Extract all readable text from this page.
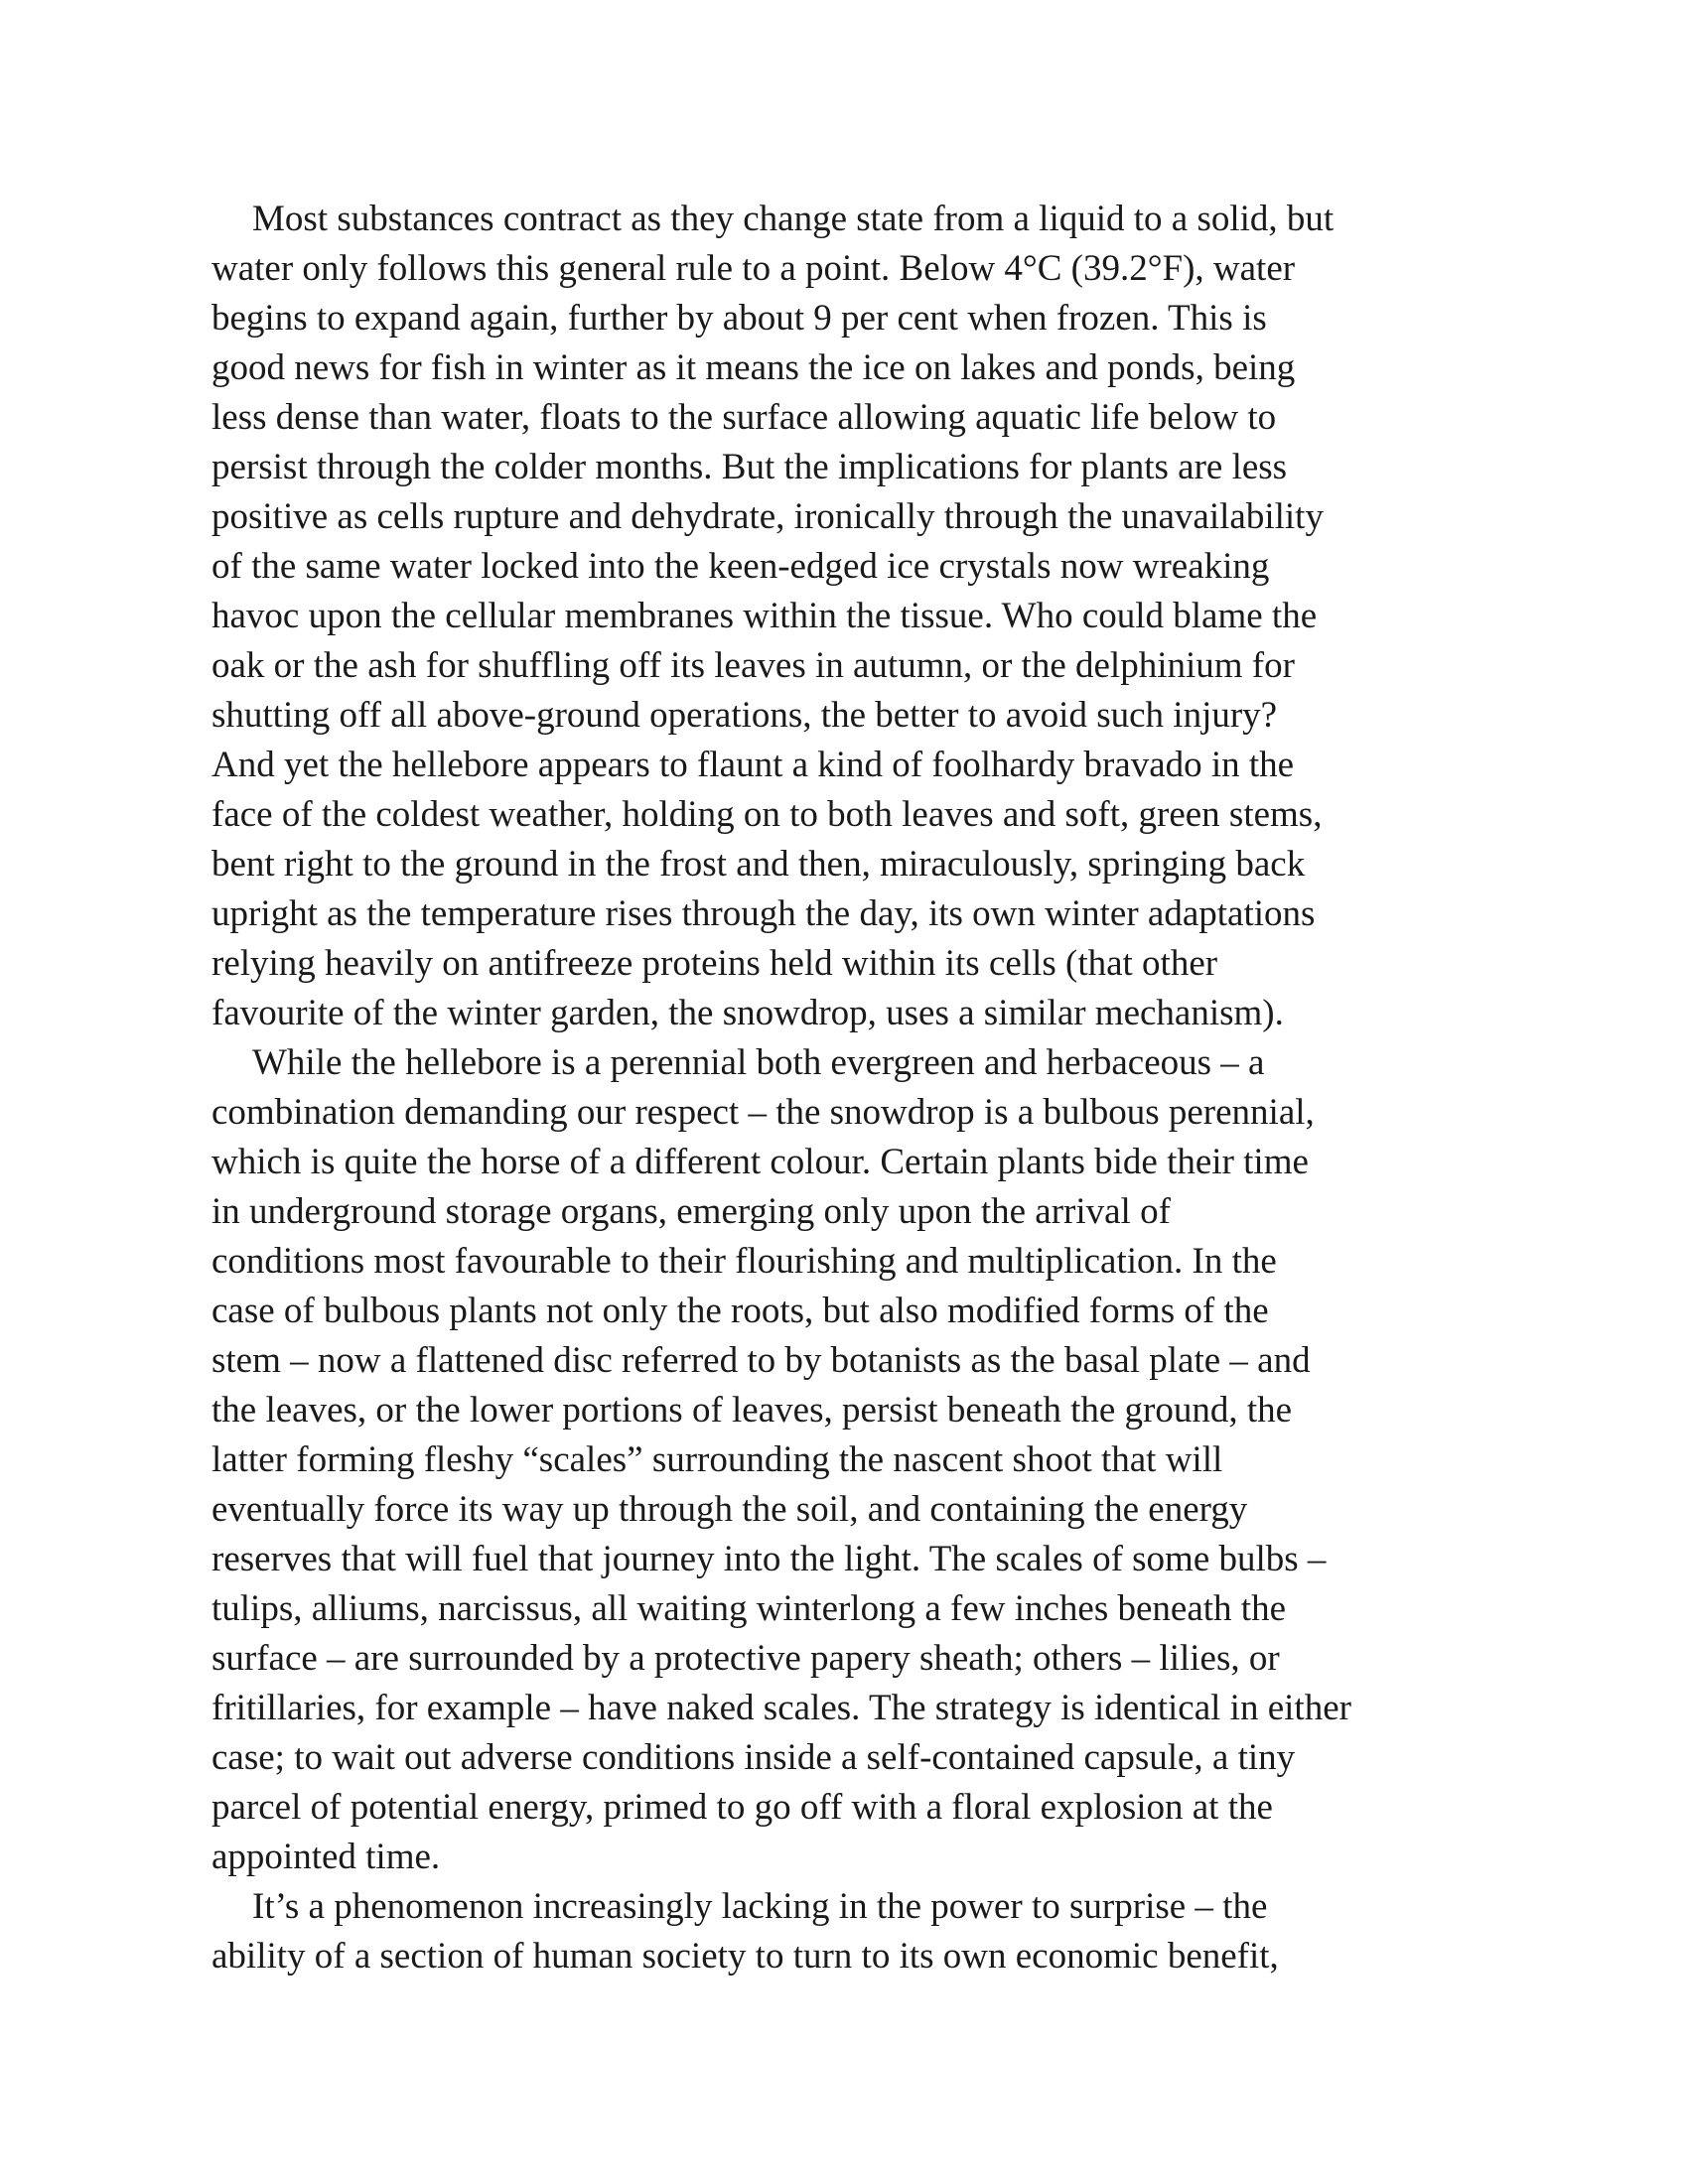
Most substances contract as they change state from a liquid to a solid, but
water only follows this general rule to a point. Below 4°C (39.2°F), water
begins to expand again, further by about 9 per cent when frozen. This is
good news for fish in winter as it means the ice on lakes and ponds, being
less dense than water, floats to the surface allowing aquatic life below to
persist through the colder months. But the implications for plants are less
positive as cells rupture and dehydrate, ironically through the unavailability
of the same water locked into the keen-edged ice crystals now wreaking
havoc upon the cellular membranes within the tissue. Who could blame the
oak or the ash for shuffling off its leaves in autumn, or the delphinium for
shutting off all above-ground operations, the better to avoid such injury?
And yet the hellebore appears to flaunt a kind of foolhardy bravado in the
face of the coldest weather, holding on to both leaves and soft, green stems,
bent right to the ground in the frost and then, miraculously, springing back
upright as the temperature rises through the day, its own winter adaptations
relying heavily on antifreeze proteins held within its cells (that other
favourite of the winter garden, the snowdrop, uses a similar mechanism).
While the hellebore is a perennial both evergreen and herbaceous – a
combination demanding our respect – the snowdrop is a bulbous perennial,
which is quite the horse of a different colour. Certain plants bide their time
in underground storage organs, emerging only upon the arrival of
conditions most favourable to their flourishing and multiplication. In the
case of bulbous plants not only the roots, but also modified forms of the
stem – now a flattened disc referred to by botanists as the basal plate – and
the leaves, or the lower portions of leaves, persist beneath the ground, the
latter forming fleshy “scales” surrounding the nascent shoot that will
eventually force its way up through the soil, and containing the energy
reserves that will fuel that journey into the light. The scales of some bulbs –
tulips, alliums, narcissus, all waiting winterlong a few inches beneath the
surface – are surrounded by a protective papery sheath; others – lilies, or
fritillaries, for example – have naked scales. The strategy is identical in either
case; to wait out adverse conditions inside a self-contained capsule, a tiny
parcel of potential energy, primed to go off with a floral explosion at the
appointed time.
It’s a phenomenon increasingly lacking in the power to surprise – the
ability of a section of human society to turn to its own economic benefit,
